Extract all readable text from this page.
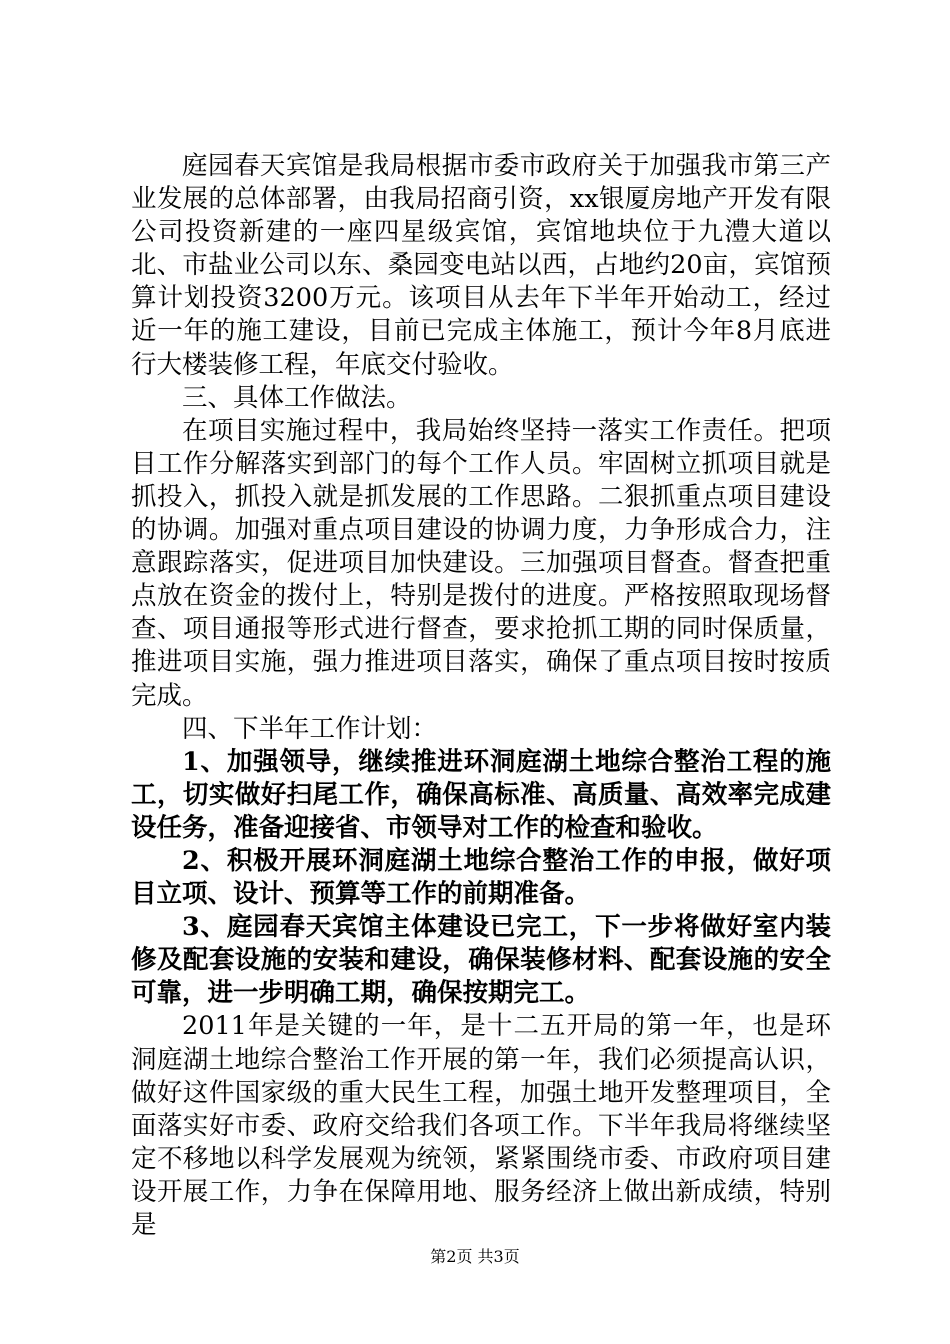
庭园春天宾馆是我局根据市委市政府关于加强我市第三产业发展的总体部署，由我局招商引资，xx银厦房地产开发有限公司投资新建的一座四星级宾馆，宾馆地块位于九澧大道以北、市盐业公司以东、桑园变电站以西，占地约20亩，宾馆预算计划投资3200万元。该项目从去年下半年开始动工，经过近一年的施工建设，目前已完成主体施工，预计今年8月底进行大楼装修工程，年底交付验收。

三、具体工作做法。

在项目实施过程中，我局始终坚持一落实工作责任。把项目工作分解落实到部门的每个工作人员。牢固树立抓项目就是抓投入，抓投入就是抓发展的工作思路。二狠抓重点项目建设的协调。加强对重点项目建设的协调力度，力争形成合力，注意跟踪落实，促进项目加快建设。三加强项目督查。督查把重点放在资金的拨付上，特别是拨付的进度。严格按照取现场督查、项目通报等形式进行督查，要求抢抓工期的同时保质量，推进项目实施，强力推进项目落实，确保了重点项目按时按质完成。

四、下半年工作计划：

1、加强领导，继续推进环洞庭湖土地综合整治工程的施工，切实做好扫尾工作，确保高标准、高质量、高效率完成建设任务，准备迎接省、市领导对工作的检查和验收。

2、积极开展环洞庭湖土地综合整治工作的申报，做好项目立项、设计、预算等工作的前期准备。

3、庭园春天宾馆主体建设已完工，下一步将做好室内装修及配套设施的安装和建设，确保装修材料、配套设施的安全可靠，进一步明确工期，确保按期完工。

2011年是关键的一年，是十二五开局的第一年，也是环洞庭湖土地综合整治工作开展的第一年，我们必须提高认识，做好这件国家级的重大民生工程，加强土地开发整理项目，全面落实好市委、政府交给我们各项工作。下半年我局将继续坚定不移地以科学发展观为统领，紧紧围绕市委、市政府项目建设开展工作，力争在保障用地、服务经济上做出新成绩，特别是

第2页 共3页
